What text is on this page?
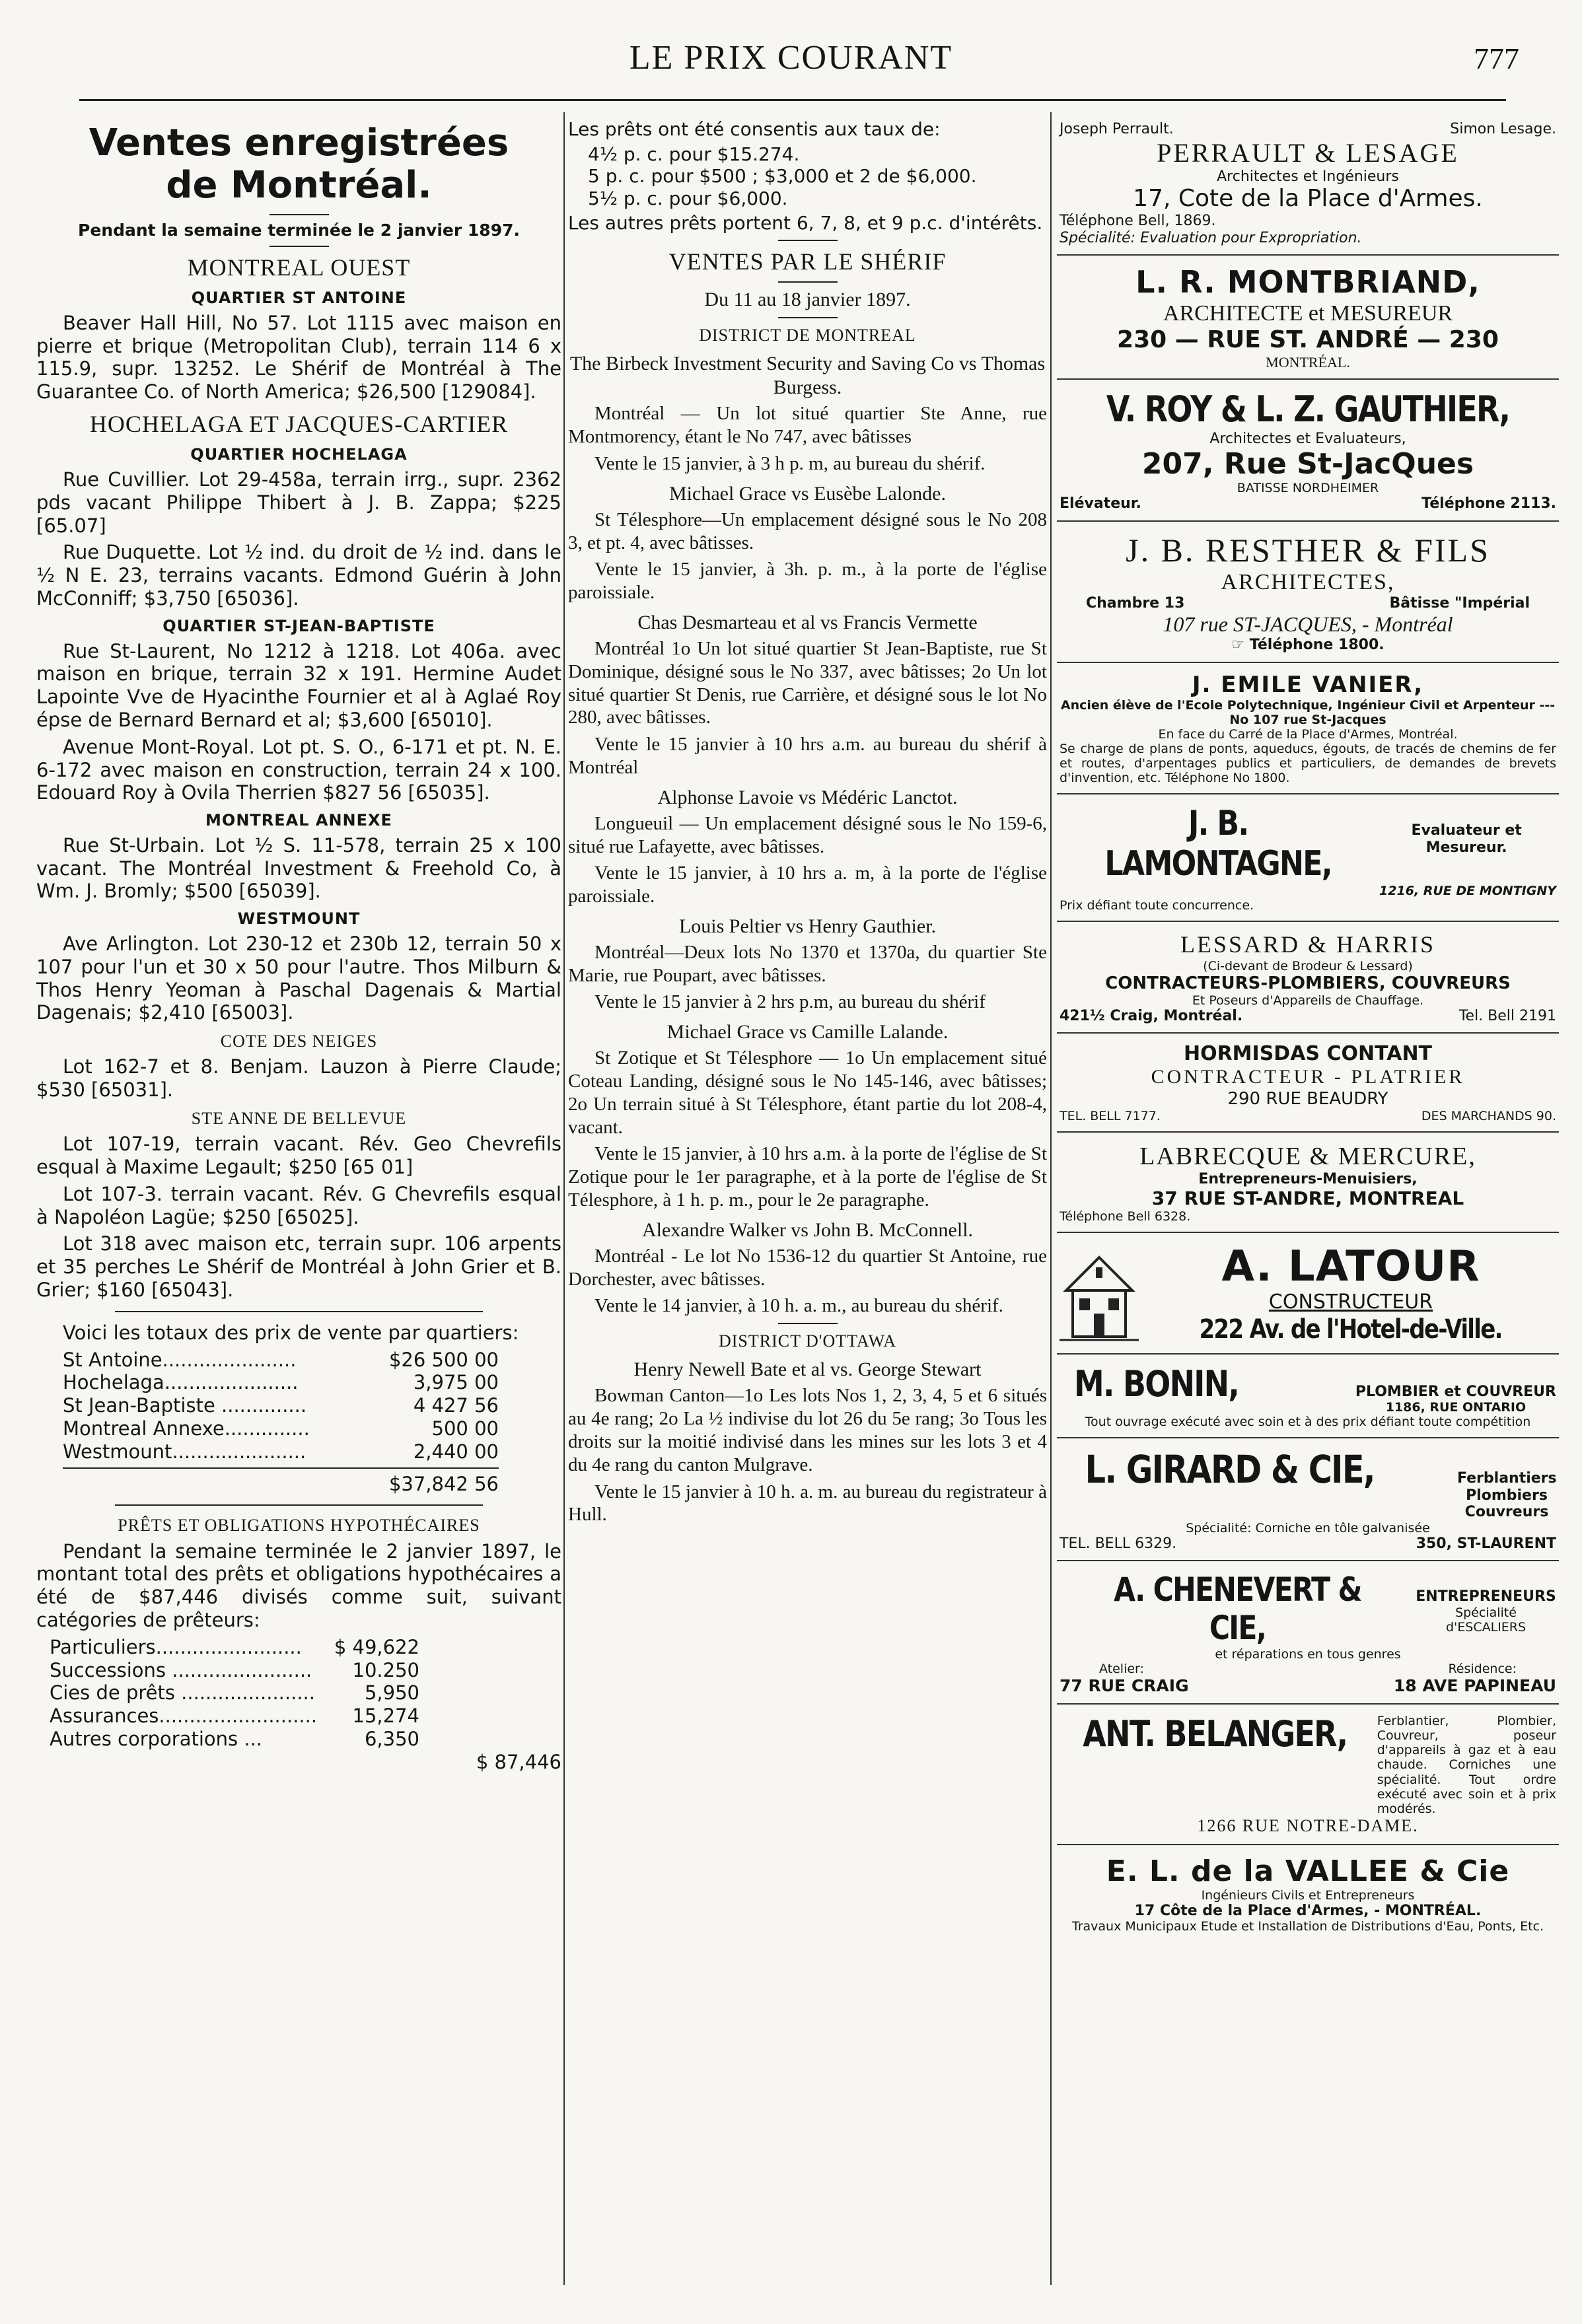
LE PRIX COURANT	777
Ventes enregistrées
de Montréal.
Pendant la semaine terminée le 2 janvier 1897.
MONTREAL OUEST
QUARTIER ST ANTOINE

Beaver Hall Hill, No 57. Lot 1115 avec maison en pierre et brique (Metropolitan Club), terrain 114 6 x 115.9, supr. 13252. Le Shérif de Montréal à The Guarantee Co. of North America; $26,500 [129084].

HOCHELAGA ET JACQUES-CARTIER
QUARTIER HOCHELAGA

Rue Cuvillier. Lot 29-458a, terrain irrg., supr. 2362 pds vacant Philippe Thibert à J. B. Zappa; $225 [65.07]

Rue Duquette. Lot ½ ind. du droit de ½ ind. dans le ½ N E. 23, terrains vacants. Edmond Guérin à John McConniff; $3,750 [65036].

QUARTIER ST-JEAN-BAPTISTE

Rue St-Laurent, No 1212 à 1218. Lot 406a. avec maison en brique, terrain 32 x 191. Hermine Audet Lapointe Vve de Hyacinthe Fournier et al à Aglaé Roy épse de Bernard Bernard et al; $3,600 [65010].

Avenue Mont-Royal. Lot pt. S. O., 6-171 et pt. N. E. 6-172 avec maison en construction, terrain 24 x 100. Edouard Roy à Ovila Therrien $827 56 [65035].

MONTREAL ANNEXE

Rue St-Urbain. Lot ½ S. 11-578, terrain 25 x 100 vacant. The Montréal Investment & Freehold Co, à Wm. J. Bromly; $500 [65039].

WESTMOUNT

Ave Arlington. Lot 230-12 et 230b 12, terrain 50 x 107 pour l'un et 30 x 50 pour l'autre. Thos Milburn & Thos Henry Yeoman à Paschal Dagenais & Martial Dagenais; $2,410 [65003].

COTE DES NEIGES

Lot 162-7 et 8. Benjam. Lauzon à Pierre Claude; $530 [65031].

STE ANNE DE BELLEVUE

Lot 107-19, terrain vacant. Rév. Geo Chevrefils esqual à Maxime Legault; $250 [65 01]

Lot 107-3. terrain vacant. Rév. G Chevrefils esqual à Napoléon Lagüe; $250 [65025].

Lot 318 avec maison etc, terrain supr. 106 arpents et 35 perches Le Shérif de Montréal à John Grier et B. Grier; $160 [65043].

Voici les totaux des prix de vente par quartiers:

St Antoine......................	$26 500 00
Hochelaga......................	3,975 00
St Jean-Baptiste ..............	4 427 56
Montreal Annexe..............	500 00
Westmount......................	2,440 00
$37,842 56
PRÊTS ET OBLIGATIONS HYPOTHÉCAIRES

Pendant la semaine terminée le 2 janvier 1897, le montant total des prêts et obligations hypothécaires a été de $87,446 divisés comme suit, suivant catégories de prêteurs:

Particuliers........................ $ 49,622
Successions ....................... 10.250
Cies de prêts ......................	5,950
Assurances.......................... 15,274
Autres corporations ...	6,350
$ 87,446
Les prêts ont été consentis aux taux de:
4½ p. c. pour $15.274.
5 p. c. pour $500 ; $3,000 et 2 de $6,000.
5½ p. c. pour $6,000.
Les autres prêts portent 6, 7, 8, et 9 p.c. d'intérêts.
VENTES PAR LE SHÉRIF
Du 11 au 18 janvier 1897.
DISTRICT DE MONTREAL
The Birbeck Investment Security and Saving Co vs Thomas Burgess.

Montréal — Un lot situé quartier Ste Anne, rue Montmorency, étant le No 747, avec bâtisses

Vente le 15 janvier, à 3 h p. m, au bureau du shérif.

Michael Grace vs Eusèbe Lalonde.

St Télesphore—Un emplacement désigné sous le No 208 3, et pt. 4, avec bâtisses.

Vente le 15 janvier, à 3h. p. m., à la porte de l'église paroissiale.

Chas Desmarteau et al vs Francis Vermette

Montréal 1o Un lot situé quartier St Jean-Baptiste, rue St Dominique, désigné sous le No 337, avec bâtisses; 2o Un lot situé quartier St Denis, rue Carrière, et désigné sous le lot No 280, avec bâtisses.

Vente le 15 janvier à 10 hrs a.m. au bureau du shérif à Montréal

Alphonse Lavoie vs Médéric Lanctot.

Longueuil — Un emplacement désigné sous le No 159-6, situé rue Lafayette, avec bâtisses.

Vente le 15 janvier, à 10 hrs a. m, à la porte de l'église paroissiale.

Louis Peltier vs Henry Gauthier.

Montréal—Deux lots No 1370 et 1370a, du quartier Ste Marie, rue Poupart, avec bâtisses.

Vente le 15 janvier à 2 hrs p.m, au bureau du shérif

Michael Grace vs Camille Lalande.

St Zotique et St Télesphore — 1o Un emplacement situé Coteau Landing, désigné sous le No 145-146, avec bâtisses; 2o Un terrain situé à St Télesphore, étant partie du lot 208-4, vacant.

Vente le 15 janvier, à 10 hrs a.m. à la porte de l'église de St Zotique pour le 1er paragraphe, et à la porte de l'église de St Télesphore, à 1 h. p. m., pour le 2e paragraphe.

Alexandre Walker vs John B. McConnell.

Montréal - Le lot No 1536-12 du quartier St Antoine, rue Dorchester, avec bâtisses.

Vente le 14 janvier, à 10 h. a. m., au bureau du shérif.

DISTRICT D'OTTAWA
Henry Newell Bate et al vs. George Stewart

Bowman Canton—1o Les lots Nos 1, 2, 3, 4, 5 et 6 situés au 4e rang; 2o La ½ indivise du lot 26 du 5e rang; 3o Tous les droits sur la moitié indivisé dans les mines sur les lots 3 et 4 du 4e rang du canton Mulgrave.

Vente le 15 janvier à 10 h. a. m. au bureau du registrateur à Hull.

Joseph Perrault.	Simon Lesage.
PERRAULT & LESAGE
Architectes et Ingénieurs
17, Cote de la Place d'Armes.
Téléphone Bell, 1869.
Spécialité: Evaluation pour Expropriation.
L. R. MONTBRIAND,
ARCHITECTE et MESUREUR
230 — RUE ST. ANDRÉ — 230
MONTRÉAL.
V. ROY & L. Z. GAUTHIER,
Architectes et Evaluateurs,
207, Rue St-JacQues
BATISSE NORDHEIMER
Elévateur.	Téléphone 2113.
J. B. RESTHER & FILS
ARCHITECTES,
Chambre 13	Bâtisse "Impérial
107 rue ST-JACQUES, - Montréal
☞ Téléphone 1800.
J. EMILE VANIER,
Ancien élève de l'Ecole Polytechnique, Ingénieur Civil et Arpenteur --- No 107 rue St-Jacques
En face du Carré de la Place d'Armes, Montréal.
Se charge de plans de ponts, aqueducs, égouts, de tracés de chemins de fer et routes, d'arpentages publics et particuliers, de demandes de brevets d'invention, etc. Téléphone No 1800.
J. B. LAMONTAGNE,
Evaluateur et Mesureur.
1216, RUE DE MONTIGNY
Prix défiant toute concurrence.
LESSARD & HARRIS
(Ci-devant de Brodeur & Lessard)
CONTRACTEURS-PLOMBIERS, COUVREURS
Et Poseurs d'Appareils de Chauffage.
421½ Craig, Montréal.	Tel. Bell 2191
HORMISDAS CONTANT
CONTRACTEUR - PLATRIER
290 RUE BEAUDRY
TEL. BELL 7177.	DES MARCHANDS 90.
LABRECQUE & MERCURE,
Entrepreneurs-Menuisiers,
37 RUE ST-ANDRE, MONTREAL
Téléphone Bell 6328.
A. LATOUR
CONSTRUCTEUR
222 Av. de l'Hotel-de-Ville.
M. BONIN,	PLOMBIER et COUVREUR
1186, RUE ONTARIO
Tout ouvrage exécuté avec soin et à des prix défiant toute compétition
L. GIRARD & CIE,	Ferblantiers Plombiers Couvreurs
Spécialité: Corniche en tôle galvanisée
TEL. BELL 6329.	350, ST-LAURENT
A. CHENEVERT & CIE,
ENTREPRENEURS
Spécialité d'ESCALIERS
et réparations en tous genres
Atelier:	Résidence:
77 RUE CRAIG	18 AVE PAPINEAU
ANT. BELANGER, Ferblantier, Plombier, Couvreur, poseur d'appareils à gaz et à eau chaude. Corniches une spécialité. Tout ordre exécuté avec soin et à prix modérés.
1266 RUE NOTRE-DAME.
E. L. de la VALLEE & Cie
Ingénieurs Civils et Entrepreneurs
17 Côte de la Place d'Armes, - MONTRÉAL.
Travaux Municipaux Etude et Installation de Distributions d'Eau, Ponts, Etc.
